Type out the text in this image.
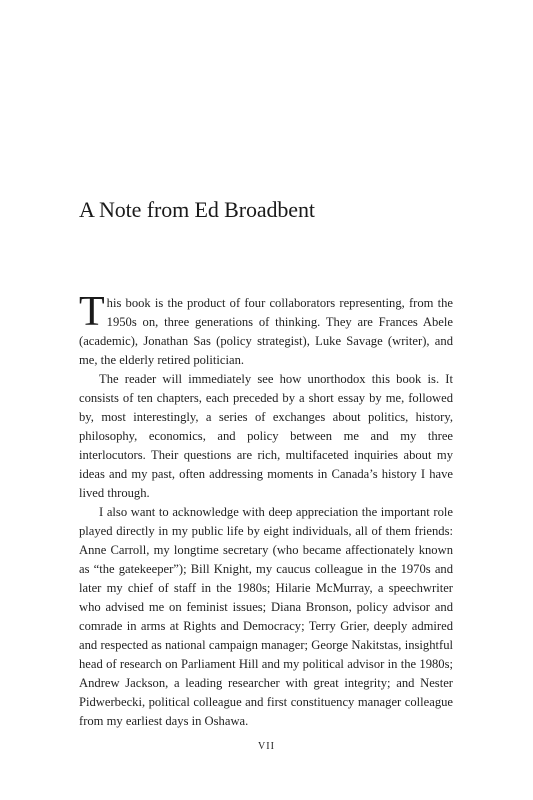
A Note from Ed Broadbent

This book is the product of four collaborators representing, from the 1950s on, three generations of thinking. They are Frances Abele (academic), Jonathan Sas (policy strategist), Luke Savage (writer), and me, the elderly retired politician.

The reader will immediately see how unorthodox this book is. It consists of ten chapters, each preceded by a short essay by me, followed by, most interestingly, a series of exchanges about politics, history, philosophy, economics, and policy between me and my three interlocutors. Their questions are rich, multifaceted inquiries about my ideas and my past, often addressing moments in Canada’s history I have lived through.

I also want to acknowledge with deep appreciation the important role played directly in my public life by eight individuals, all of them friends: Anne Carroll, my longtime secretary (who became affectionately known as “the gatekeeper”); Bill Knight, my caucus colleague in the 1970s and later my chief of staff in the 1980s; Hilarie McMurray, a speechwriter who advised me on feminist issues; Diana Bronson, policy advisor and comrade in arms at Rights and Democracy; Terry Grier, deeply admired and respected as national campaign manager; George Nakitstas, insightful head of research on Parliament Hill and my political advisor in the 1980s; Andrew Jackson, a leading researcher with great integrity; and Nester Pidwerbecki, political colleague and first constituency manager colleague from my earliest days in Oshawa.

VII
